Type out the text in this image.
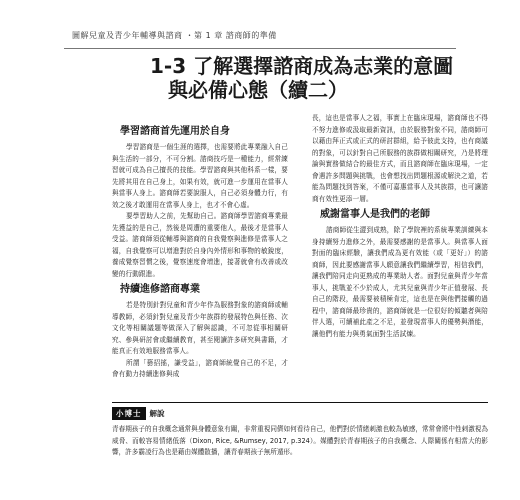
圖解兒童及青少年輔導與諮商 ・第 1 章 諮商師的準備
1-3 了解選擇諮商成為志業的意圖
與必備心態（續二）
學習諮商首先運用於自身

學習諮商是一個生涯的選擇，也需要將此專業融入自己與生活的一部分，不可分割。諮商技巧是一種能力，經常練習就可成為自己擅長的技能。學習諮商與其他科系一樣，要先將其用在自己身上，如果有效，就可進一步運用在當事人與當事人身上。諮商師若要說服人，自己必須身體力行，有效之後才敢運用在當事人身上，也才不會心虛。

要學習助人之前，先幫助自己。諮商師學習諮商專業最先獲益的是自己，然後是周遭的重要他人，最後才是當事人受益。諮商師須從輔導與諮商的自我覺察與進修是當事人之福，自我覺察可以增進對於自身內外情形和事物的敏銳度，養成覺察習慣之後，覺察速度會增進，接著就會有改善或改變的行動跟進。

持續進修諮商專業

若是特別針對兒童和青少年作為服務對象的諮商師或輔導教師，必須針對兒童及青少年族群的發展特色與任務、次文化等相關議題等做深入了解與認識，不可忽從事相關研究、參與研討會或繼續教育，甚至閱讀許多研究與書籍，才能真正有效地服務當事人。

所謂「藝招搖，謙受益」，諮商師統覺自己的不足，才會有動力持續進修與成

長，這也是當事人之福，事實上在臨床現場，諮商師也不得不努力進修或汲取最新資訊，由於服務對象不同，諮商師可以藉由拜正式或正式的研討群組，給予彼此支持，也有商議的對象，可以針對自己所服務的族群做相關研究，乃是將理論與實務做結合的最佳方式，而且諮商師在臨床現場，一定會遇許多問題與挑戰，也會想找出問題根源或解決之道，若能為問題找到答案，不僅可嘉惠當事人及其族群，也可讓諮商有效性更添一層。

威謝當事人是我們的老師

諮商師從生澀到成熟，除了學院裡的系統專業訓練與本身持續努力進修之外，最需要感謝的是當事人。與當事人面對面的臨床經驗，讓我們成為更有效能（或「更好」）的諮商師，因此要感謝當事人願意讓我們繼續學習，相信我們，讓我們陪同走向更熟成的專業助人者。面對兒童與青少年當事人，挑戰並不少於成人，尤其兒童與青少年正值發展、長自己的階段，最需要被積極肯定，這也是在與他們接觸的過程中，諮商師最珍貴的，諮商師就是一位很好的傾聽者與陪伴人選，可續補此產之不足，並發現當事人的優勢與潛能，讓他們有能力與勇氣面對生活試煉。

小博士	解說

青春期孩子的自我概念通常與身體意象有關，非常重視同儕如何看待自己，他們對於情緒刺激也較為敏感，常常會將中性刺激視為威脅、而較容易情緒低落（Dixon, Rice, &Rumsey, 2017, p.324）。媒體對於青春期孩子的自我概念、人際關係有相當大的影響，許多霸凌行為也是藉由媒體散播，讓青春期孩子無所遁形。
